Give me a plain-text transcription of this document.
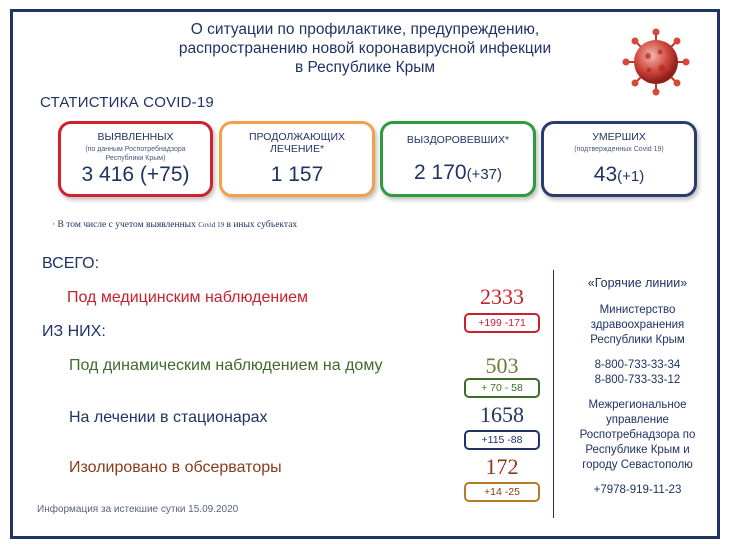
О ситуации по профилактике, предупреждению,
распространению новой коронавирусной инфекции
в Республике Крым
СТАТИСТИКА COVID-19
ВЫЯВЛЕННЫХ
(по данным Роспотребнадзора
Республики Крым)
3 416 (+75)
ПРОДОЛЖАЮЩИХ
ЛЕЧЕНИЕ*
1 157
ВЫЗДОРОВЕВШИХ*
2 170(+37)
УМЕРШИХ
(подтвержденных Covid 19)
43(+1)
· В том числе с учетом выявленных Covid 19 в иных субъектах
ВСЕГО:
ИЗ НИХ:
Под медицинским наблюдением
Под динамическим наблюдением на дому
На лечении в стационарах
Изолировано в обсерваторы
2333
503
1658
172
+199 -171
+ 70 - 58
+115 -88
+14 -25

«Горячие линии»

Министерство

здравоохранения

Республики Крым

8-800-733-33-34

8-800-733-33-12

Межрегиональное

управление

Роспотребнадзора по

Республике Крым и

городу Севастополю

+7978-919-11-23

Информация за истекшие сутки 15.09.2020
